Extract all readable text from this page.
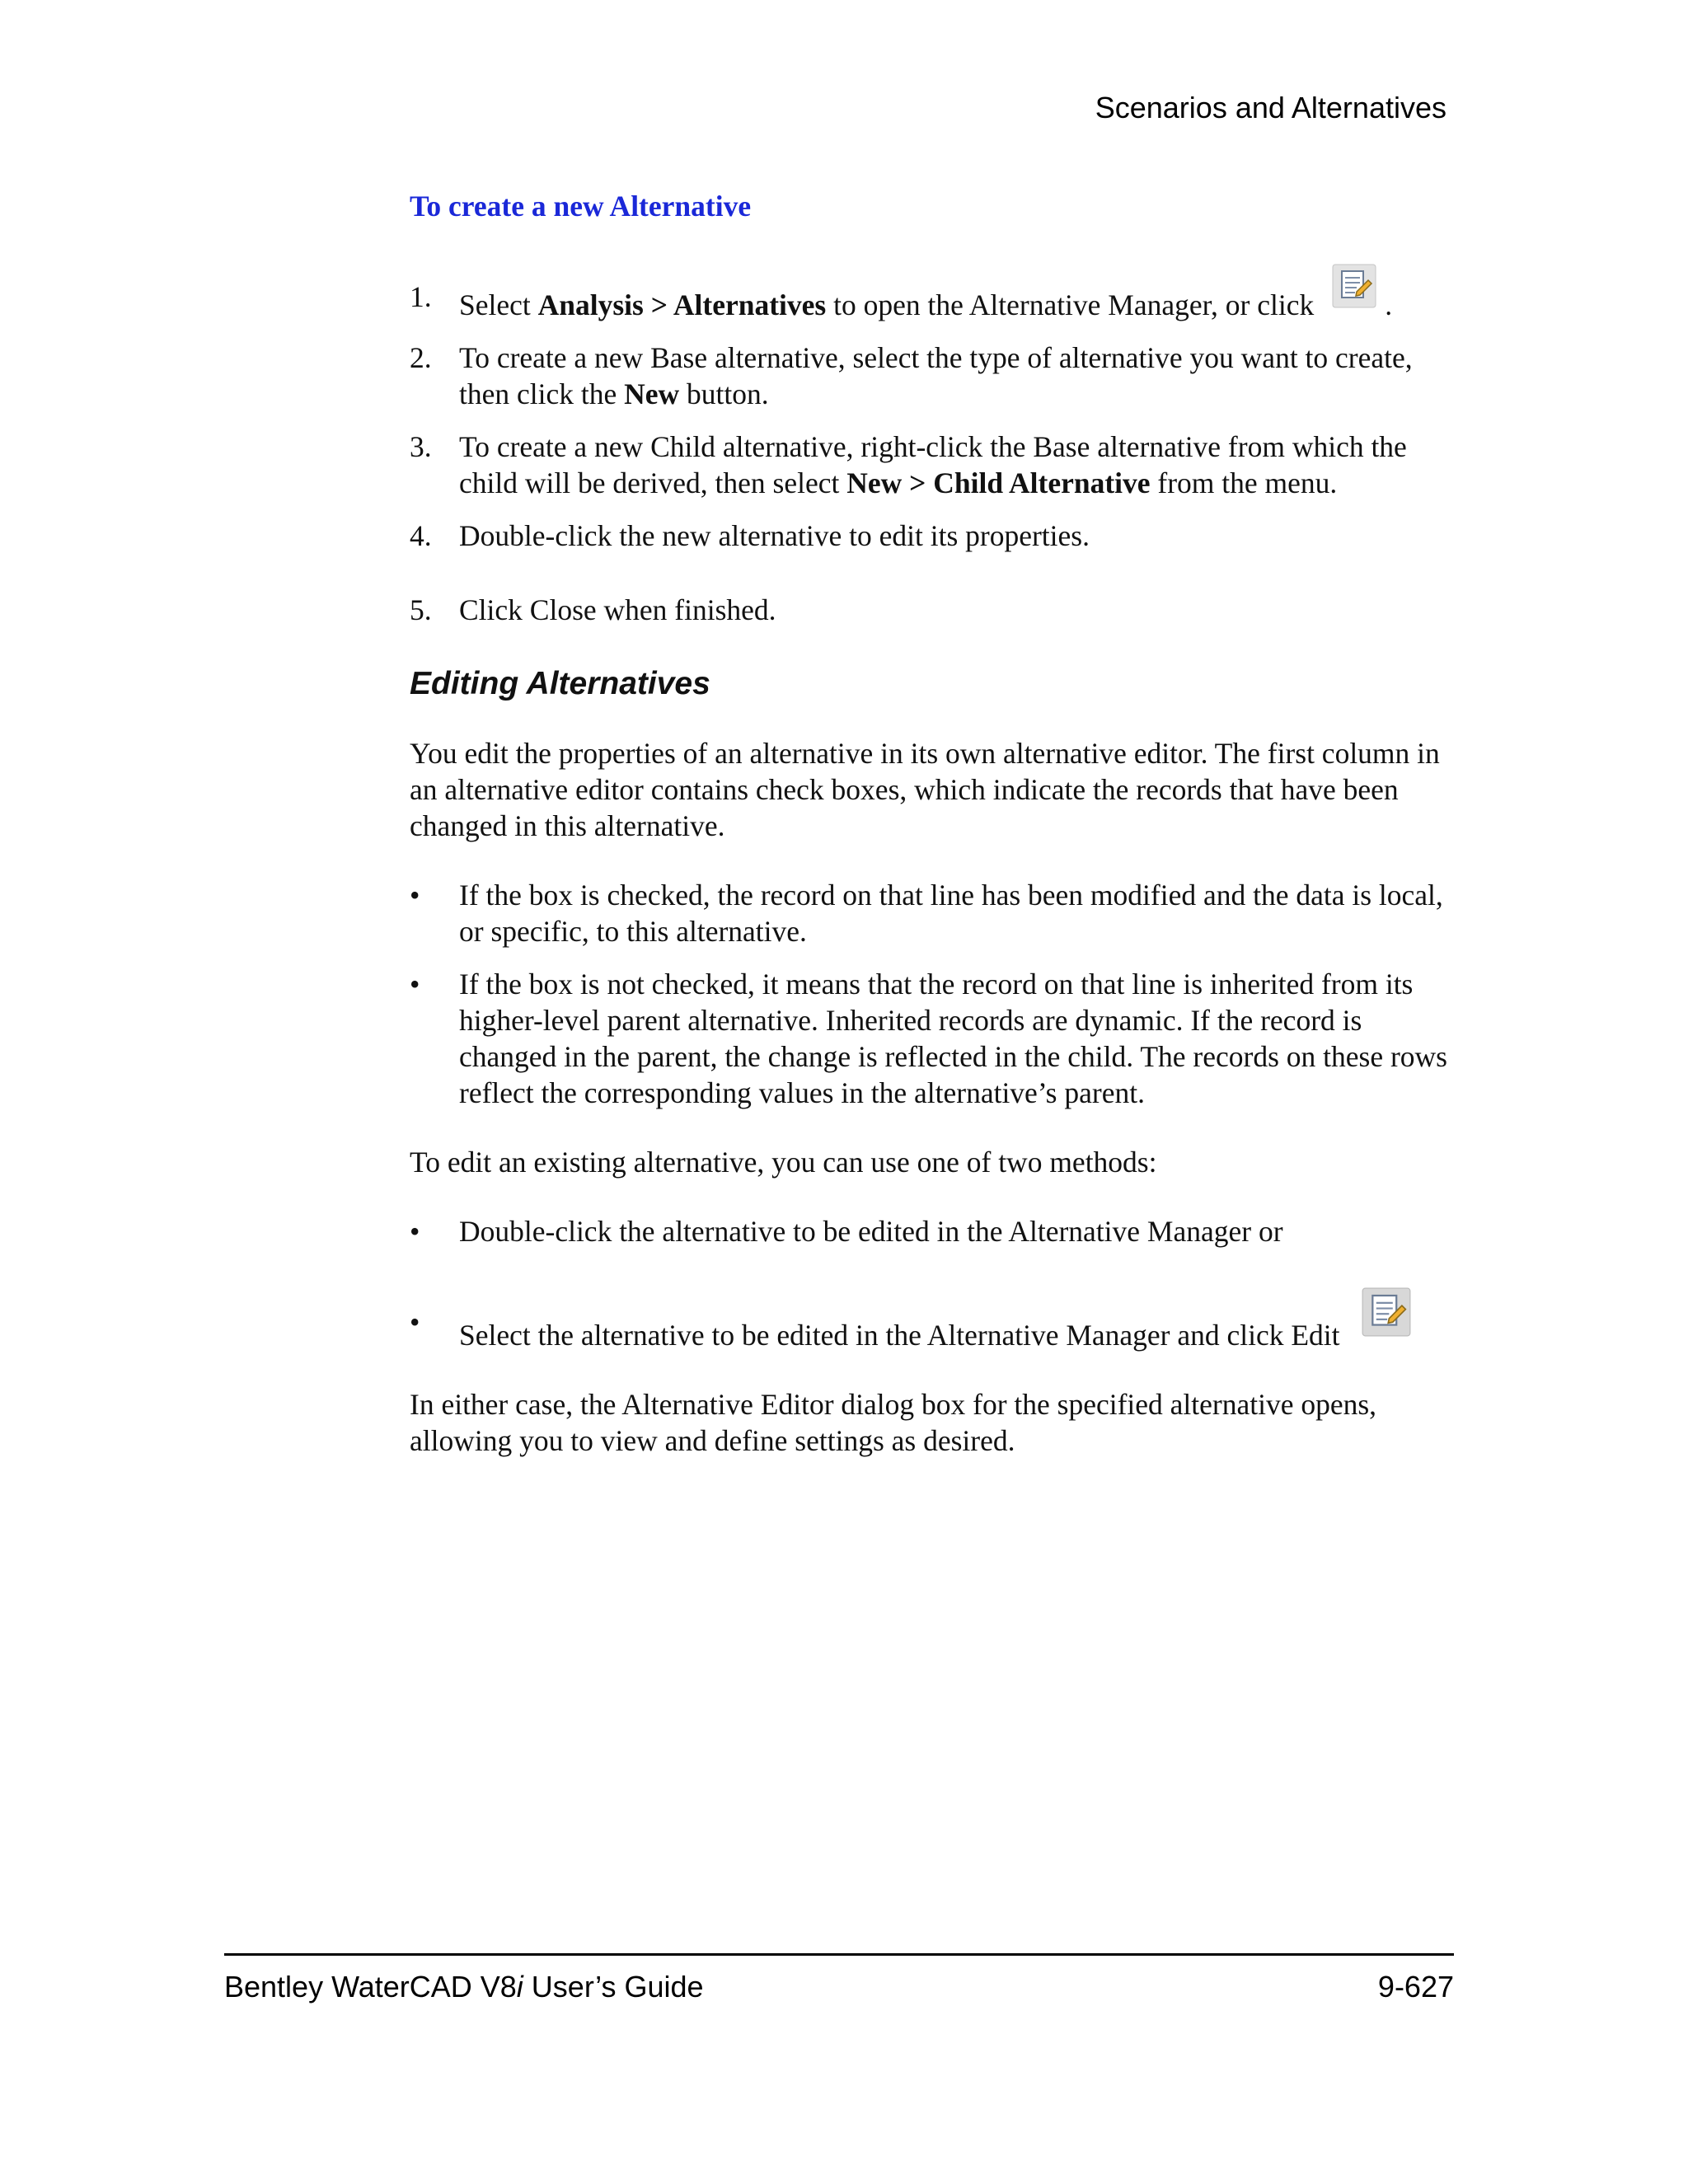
Scenarios and Alternatives
To create a new Alternative
1. Select Analysis > Alternatives to open the Alternative Manager, or click .
2. To create a new Base alternative, select the type of alternative you want to create, then click the New button.
3. To create a new Child alternative, right-click the Base alternative from which the child will be derived, then select New > Child Alternative from the menu.
4. Double-click the new alternative to edit its properties.
5. Click Close when finished.
Editing Alternatives

You edit the properties of an alternative in its own alternative editor. The first column in an alternative editor contains check boxes, which indicate the records that have been changed in this alternative.

• If the box is checked, the record on that line has been modified and the data is local, or specific, to this alternative.
• If the box is not checked, it means that the record on that line is inherited from its higher-level parent alternative. Inherited records are dynamic. If the record is changed in the parent, the change is reflected in the child. The records on these rows reflect the corresponding values in the alternative’s parent.

To edit an existing alternative, you can use one of two methods:

• Double-click the alternative to be edited in the Alternative Manager or
• Select the alternative to be edited in the Alternative Manager and click Edit

In either case, the Alternative Editor dialog box for the specified alternative opens, allowing you to view and define settings as desired.

Bentley WaterCAD V8i User’s Guide	9-627
